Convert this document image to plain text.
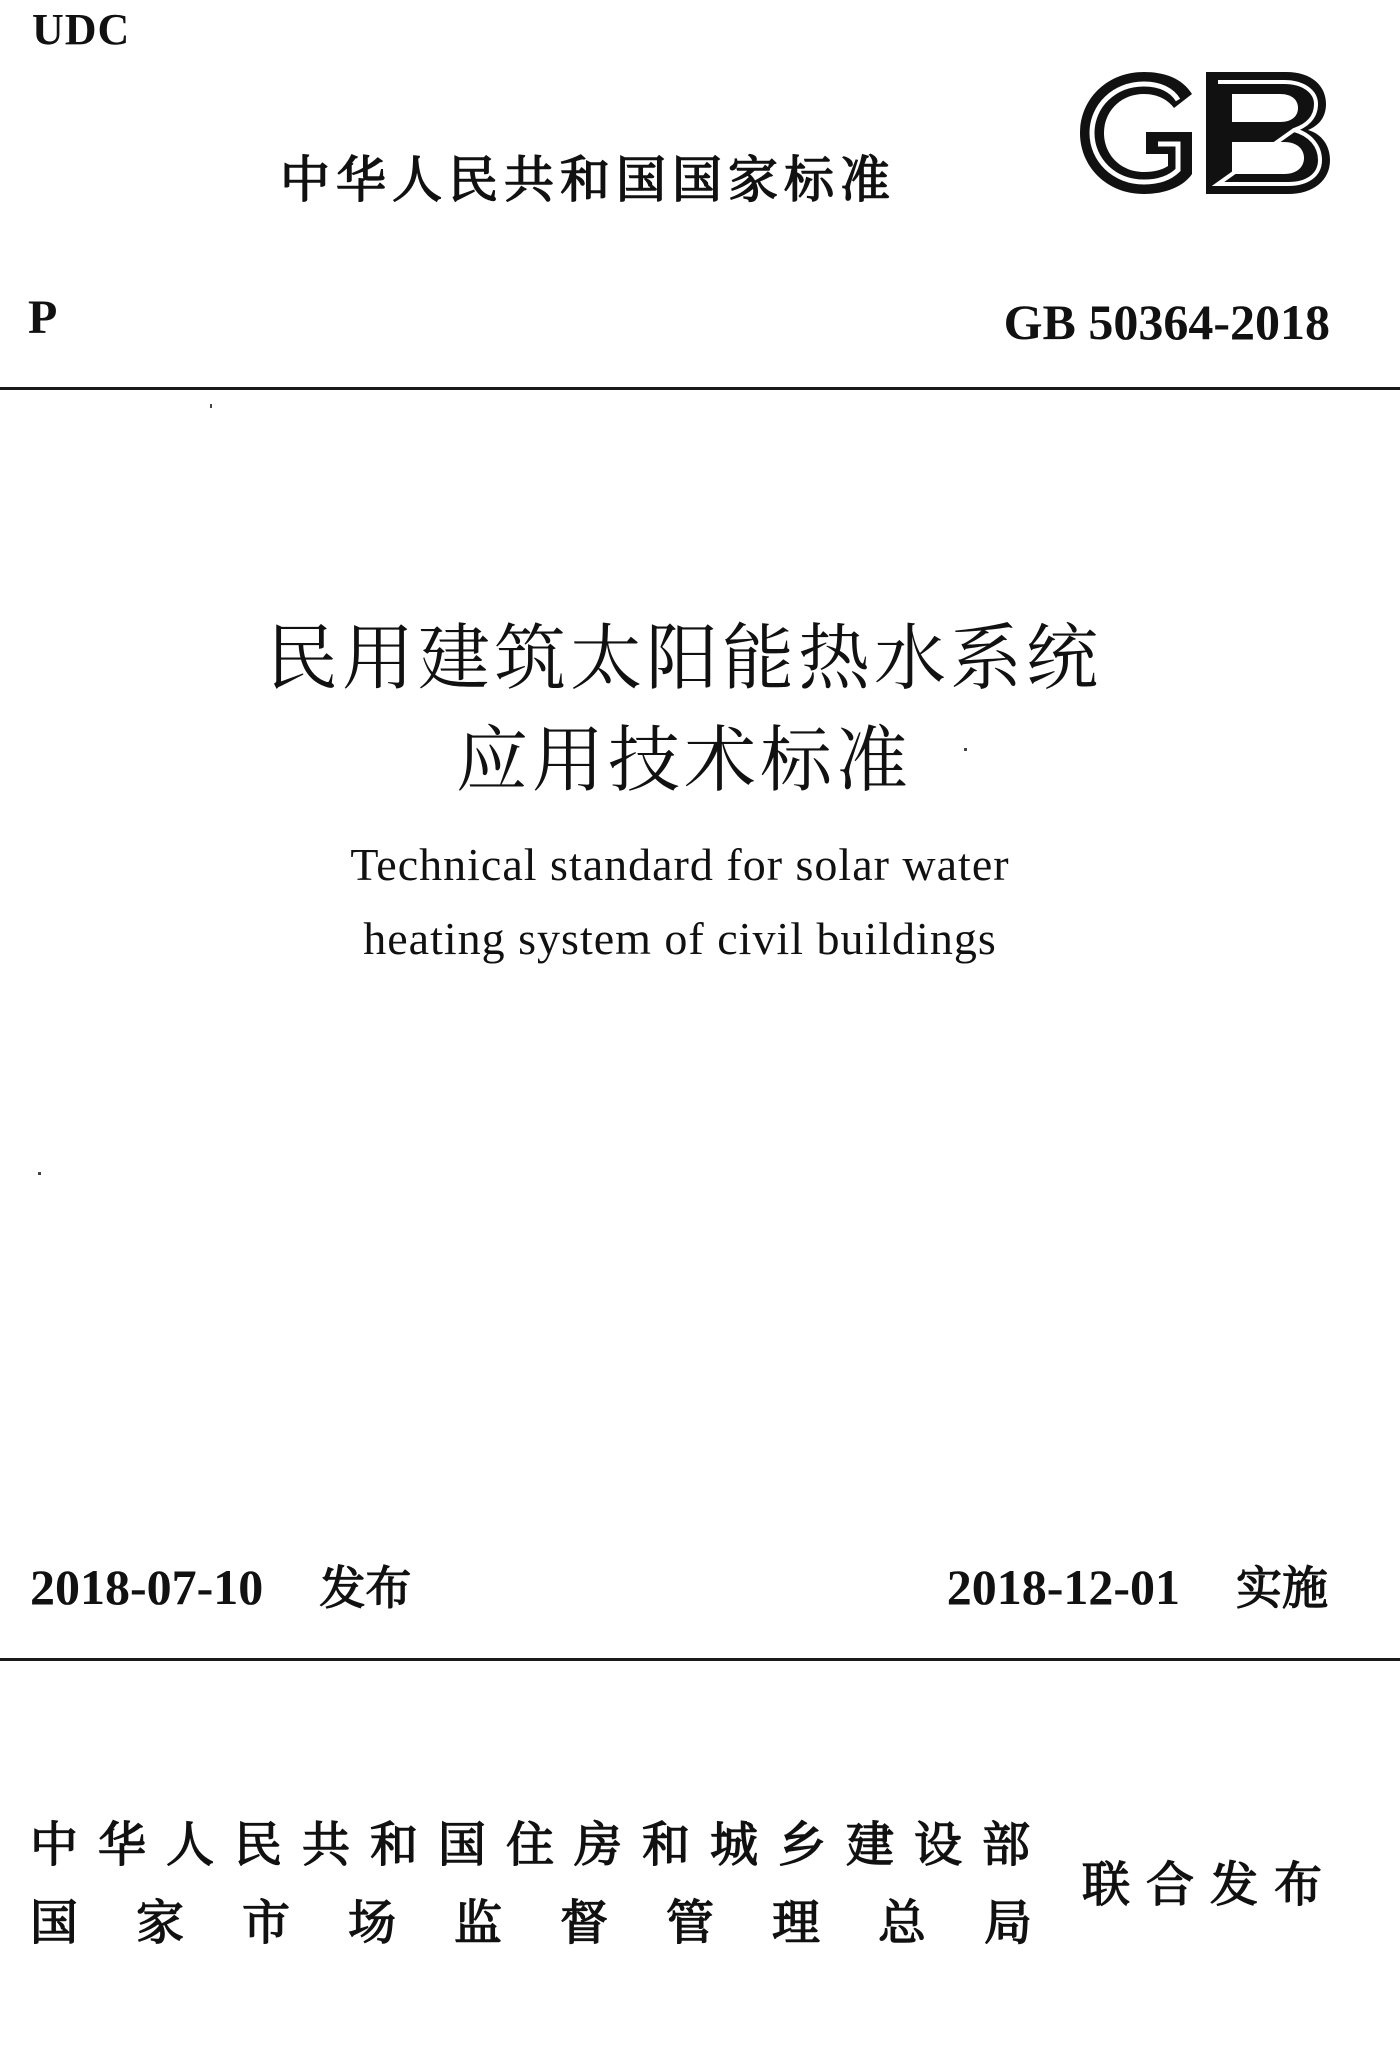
UDC
中华人民共和国国家标准
P	GB 50364-2018
民用建筑太阳能热水系统
应用技术标准
Technical standard for solar water
heating system of civil buildings
2018-07-10 发布	2018-12-01 实施
中华人民共和国住房和城乡建设部
国家市场监督管理总局
联合发布
